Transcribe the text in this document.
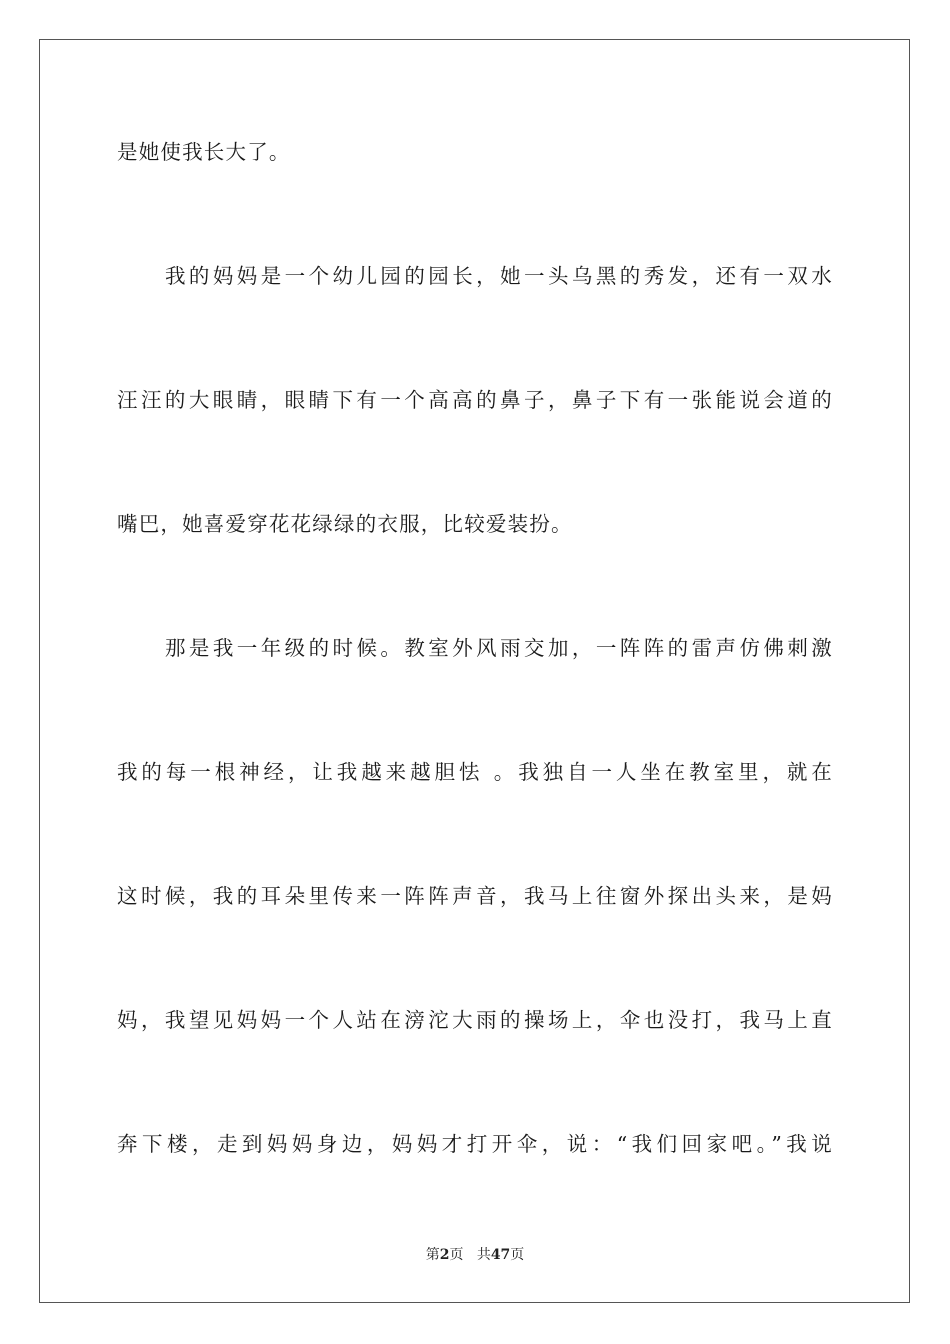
是她使我长大了。
我的妈妈是一个幼儿园的园长，她一头乌黑的秀发，还有一双水
汪汪的大眼睛，眼睛下有一个高高的鼻子，鼻子下有一张能说会道的
嘴巴，她喜爱穿花花绿绿的衣服，比较爱装扮。
那是我一年级的时候。教室外风雨交加，一阵阵的雷声仿佛刺激
我的每一根神经，让我越来越胆怯 。我独自一人坐在教室里，就在
这时候，我的耳朵里传来一阵阵声音，我马上往窗外探出头来，是妈
妈，我望见妈妈一个人站在滂沱大雨的操场上，伞也没打，我马上直
奔下楼，走到妈妈身边，妈妈才打开伞，说：“我们回家吧。”我说
第2页 共47页
